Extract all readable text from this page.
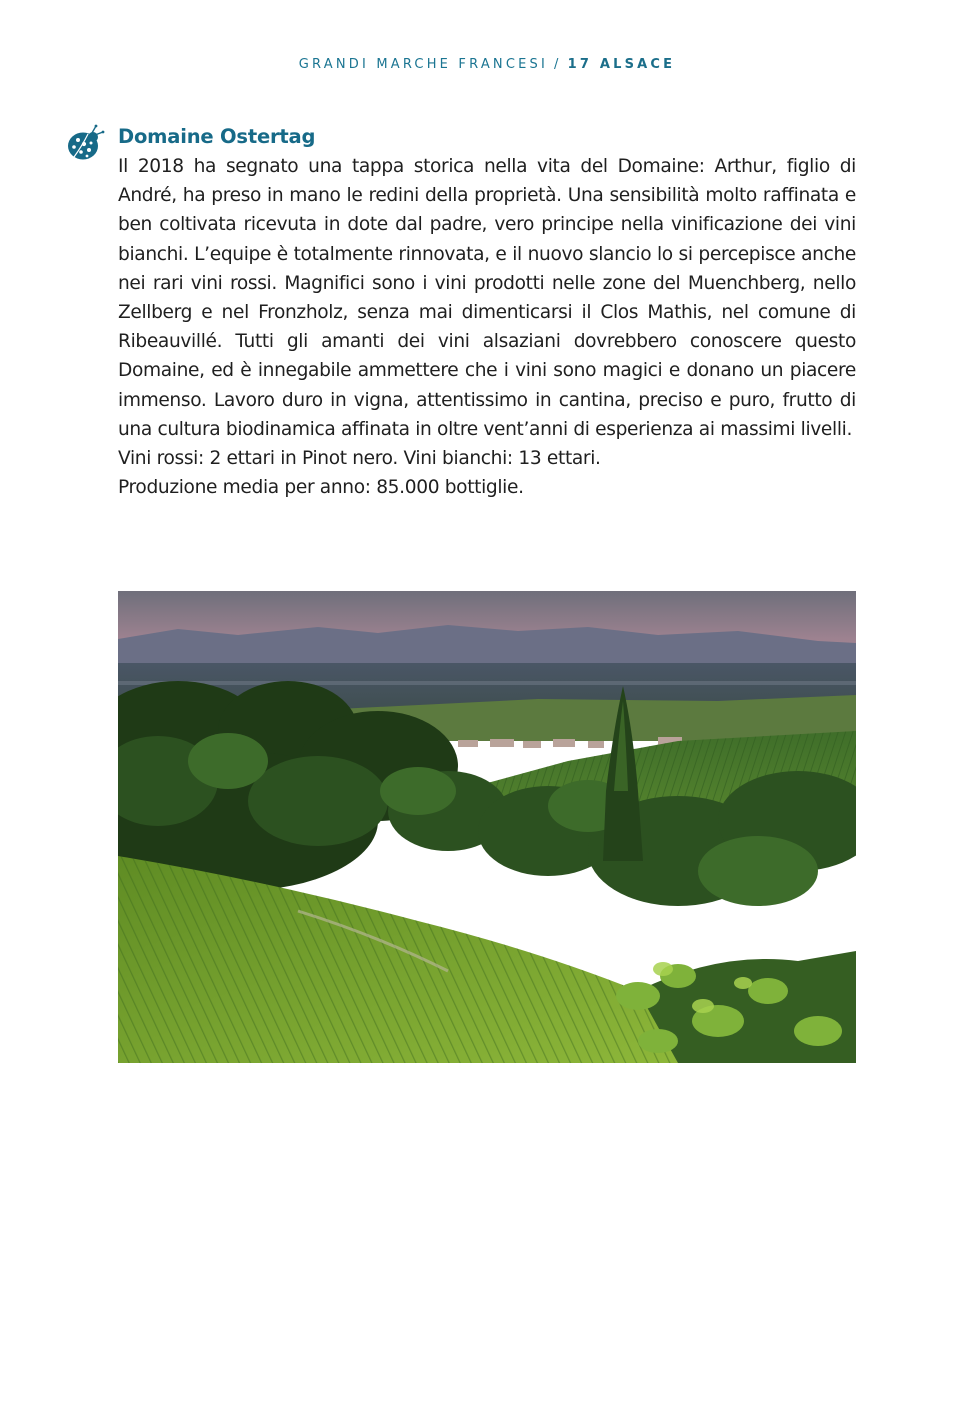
GRANDI MARCHE FRANCESI / 17 ALSACE
Domaine Ostertag

Il 2018 ha segnato una tappa storica nella vita del Domaine: Arthur, figlio di André, ha preso in mano le redini della proprietà. Una sensibilità molto raffinata e ben coltivata ricevuta in dote dal padre, vero principe nella vinificazione dei vini bianchi. L’equipe è totalmente rinnovata, e il nuovo slancio lo si percepisce anche nei rari vini rossi. Magnifici sono i vini prodotti nelle zone del Muenchberg, nello Zellberg e nel Fronzholz, senza mai dimenticarsi il Clos Mathis, nel comune di Ribeauvillé. Tutti gli amanti dei vini alsaziani dovrebbero conoscere questo Domaine, ed è innegabile ammettere che i vini sono magici e donano un piacere immenso. Lavoro duro in vigna, attentissimo in cantina, preciso e puro, frutto di una cultura biodinamica affinata in oltre vent’anni di esperienza ai massimi livelli.

Vini rossi: 2 ettari in Pinot nero. Vini bianchi: 13 ettari.

Produzione media per anno: 85.000 bottiglie.
